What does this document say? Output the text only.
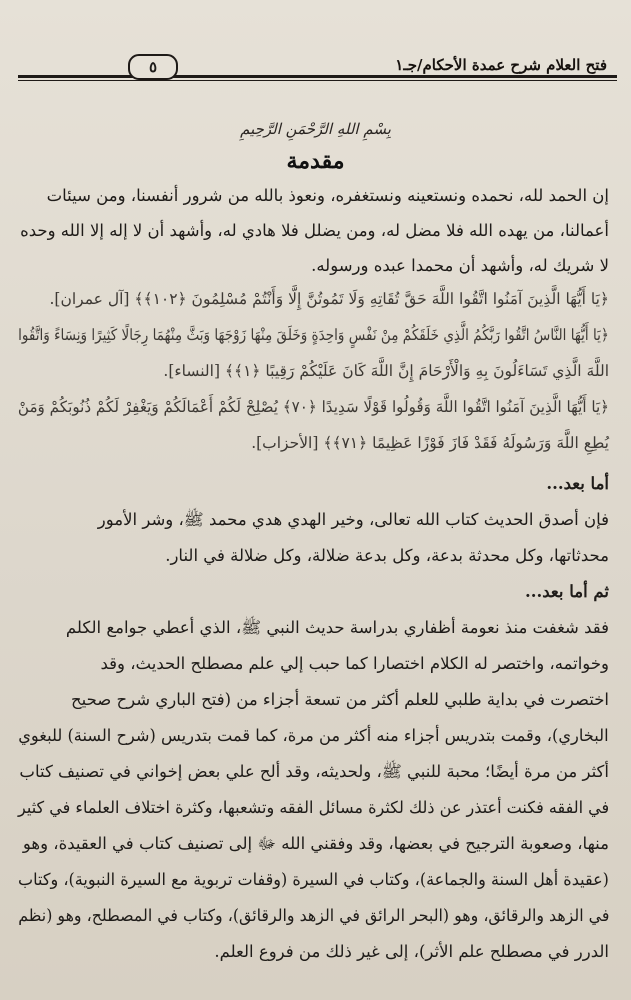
٥	فتح العلام شرح عمدة الأحكام/جـ١
بِسْمِ اللهِ الرَّحْمَنِ الرَّحِيمِ
مقدمة
إن الحمد لله، نحمده ونستعينه ونستغفره، ونعوذ بالله من شرور أنفسنا، ومن سيئات
أعمالنا، من يهده الله فلا مضل له، ومن يضلل فلا هادي له، وأشهد أن لا إله إلا الله وحده
لا شريك له، وأشهد أن محمدا عبده ورسوله.
﴿يَا أَيُّهَا الَّذِينَ آمَنُوا اتَّقُوا اللَّهَ حَقَّ تُقَاتِهِ وَلَا تَمُوتُنَّ إِلَّا وَأَنْتُمْ مُسْلِمُونَ ﴿١٠٢﴾﴾ [آل عمران].
﴿يَا أَيُّهَا النَّاسُ اتَّقُوا رَبَّكُمُ الَّذِي خَلَقَكُمْ مِنْ نَفْسٍ وَاحِدَةٍ وَخَلَقَ مِنْهَا زَوْجَهَا وَبَثَّ مِنْهُمَا رِجَالًا كَثِيرًا وَنِسَاءً وَاتَّقُوا
اللَّهَ الَّذِي تَسَاءَلُونَ بِهِ وَالْأَرْحَامَ إِنَّ اللَّهَ كَانَ عَلَيْكُمْ رَقِيبًا ﴿١﴾﴾ [النساء].
﴿يَا أَيُّهَا الَّذِينَ آمَنُوا اتَّقُوا اللَّهَ وَقُولُوا قَوْلًا سَدِيدًا ﴿٧٠﴾ يُصْلِحْ لَكُمْ أَعْمَالَكُمْ وَيَغْفِرْ لَكُمْ ذُنُوبَكُمْ وَمَنْ
يُطِعِ اللَّهَ وَرَسُولَهُ فَقَدْ فَازَ فَوْزًا عَظِيمًا ﴿٧١﴾﴾ [الأحزاب].
أما بعد...
فإن أصدق الحديث كتاب الله تعالى، وخير الهدي هدي محمد ﷺ، وشر الأمور
محدثاتها، وكل محدثة بدعة، وكل بدعة ضلالة، وكل ضلالة في النار.
ثم أما بعد...
فقد شغفت منذ نعومة أظفاري بدراسة حديث النبي ﷺ، الذي أعطي جوامع الكلم
وخواتمه، واختصر له الكلام اختصارا كما حبب إلي علم مصطلح الحديث، وقد
اختصرت في بداية طلبي للعلم أكثر من تسعة أجزاء من (فتح الباري شرح صحيح
البخاري)، وقمت بتدريس أجزاء منه أكثر من مرة، كما قمت بتدريس (شرح السنة) للبغوي
أكثر من مرة أيضًا؛ محبة للنبي ﷺ، ولحديثه، وقد ألح علي بعض إخواني في تصنيف كتاب
في الفقه فكنت أعتذر عن ذلك لكثرة مسائل الفقه وتشعبها، وكثرة اختلاف العلماء في كثير
منها، وصعوبة الترجيح في بعضها، وقد وفقني الله ﷻ إلى تصنيف كتاب في العقيدة، وهو
(عقيدة أهل السنة والجماعة)، وكتاب في السيرة (وقفات تربوية مع السيرة النبوية)، وكتاب
في الزهد والرقائق، وهو (البحر الرائق في الزهد والرقائق)، وكتاب في المصطلح، وهو (نظم
الدرر في مصطلح علم الأثر)، إلى غير ذلك من فروع العلم.
